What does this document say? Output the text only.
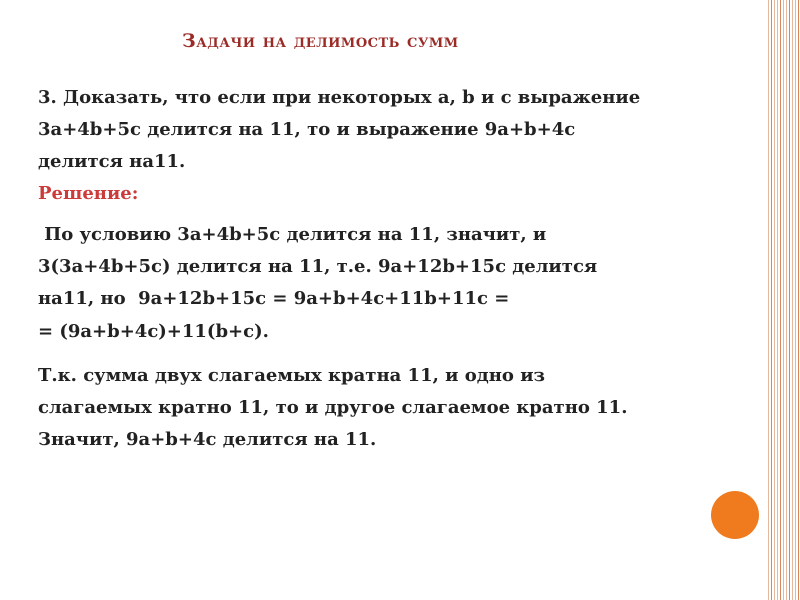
Задачи на делимость сумм
3. Доказать, что если при некоторых a, b и c выражение
3a+4b+5c делится на 11, то и выражение 9a+b+4c
делится на11.
Решение:
По условию 3a+4b+5c делится на 11, значит, и
3(3a+4b+5c) делится на 11, т.е. 9a+12b+15c делится
на11, но  9a+12b+15c = 9a+b+4c+11b+11c =
= (9a+b+4c)+11(b+c).
Т.к. сумма двух слагаемых кратна 11, и одно из
слагаемых кратно 11, то и другое слагаемое кратно 11.
Значит, 9a+b+4c делится на 11.
